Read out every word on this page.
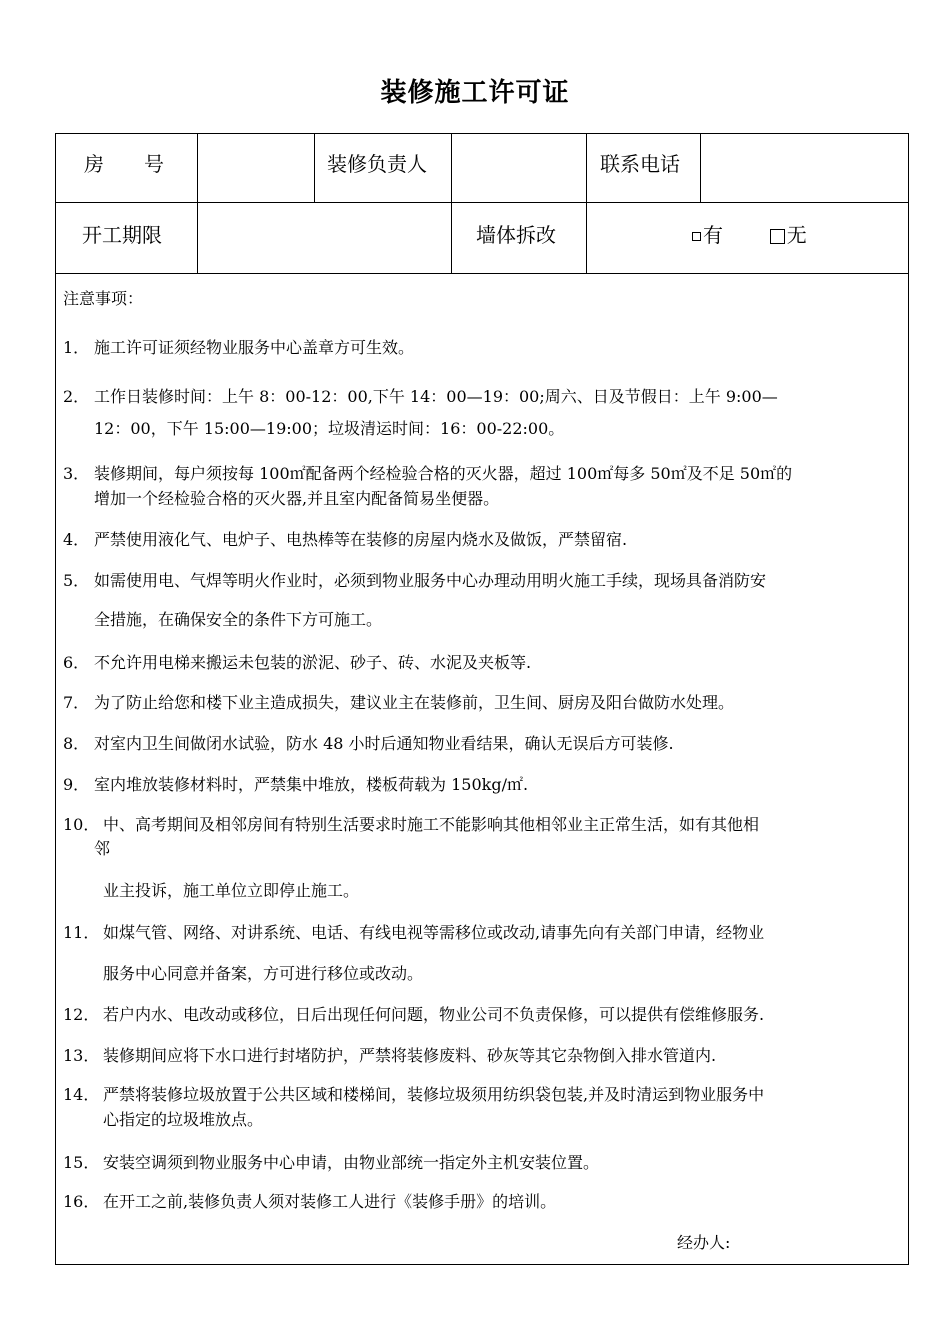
装修施工许可证
房　　号	装修负责人	联系电话
开工期限	墙体拆改	有	无
注意事项：
1． 施工许可证须经物业服务中心盖章方可生效。
2． 工作日装修时间：上午 8：00-12：00,下午 14：00—19：00;周六、日及节假日：上午 9:00—
12：00，下午 15:00—19:00；垃圾清运时间：16：00-22:00。
3． 装修期间，每户须按每 100㎡配备两个经检验合格的灭火器，超过 100㎡每多 50㎡及不足 50㎡的
增加一个经检验合格的灭火器,并且室内配备简易坐便器。
4． 严禁使用液化气、电炉子、电热棒等在装修的房屋内烧水及做饭，严禁留宿.
5． 如需使用电、气焊等明火作业时，必须到物业服务中心办理动用明火施工手续，现场具备消防安
全措施，在确保安全的条件下方可施工。
6． 不允许用电梯来搬运未包装的淤泥、砂子、砖、水泥及夹板等.
7． 为了防止给您和楼下业主造成损失，建议业主在装修前，卫生间、厨房及阳台做防水处理。
8． 对室内卫生间做闭水试验，防水 48 小时后通知物业看结果，确认无误后方可装修.
9． 室内堆放装修材料时，严禁集中堆放，楼板荷载为 150kg/㎡.
10． 中、高考期间及相邻房间有特别生活要求时施工不能影响其他相邻业主正常生活，如有其他相
邻
业主投诉，施工单位立即停止施工。
11． 如煤气管、网络、对讲系统、电话、有线电视等需移位或改动,请事先向有关部门申请，经物业
服务中心同意并备案，方可进行移位或改动。
12． 若户内水、电改动或移位，日后出现任何问题，物业公司不负责保修，可以提供有偿维修服务.
13． 装修期间应将下水口进行封堵防护，严禁将装修废料、砂灰等其它杂物倒入排水管道内.
14． 严禁将装修垃圾放置于公共区域和楼梯间，装修垃圾须用纺织袋包装,并及时清运到物业服务中
心指定的垃圾堆放点。
15． 安装空调须到物业服务中心申请，由物业部统一指定外主机安装位置。
16． 在开工之前,装修负责人须对装修工人进行《装修手册》的培训。
经办人:
